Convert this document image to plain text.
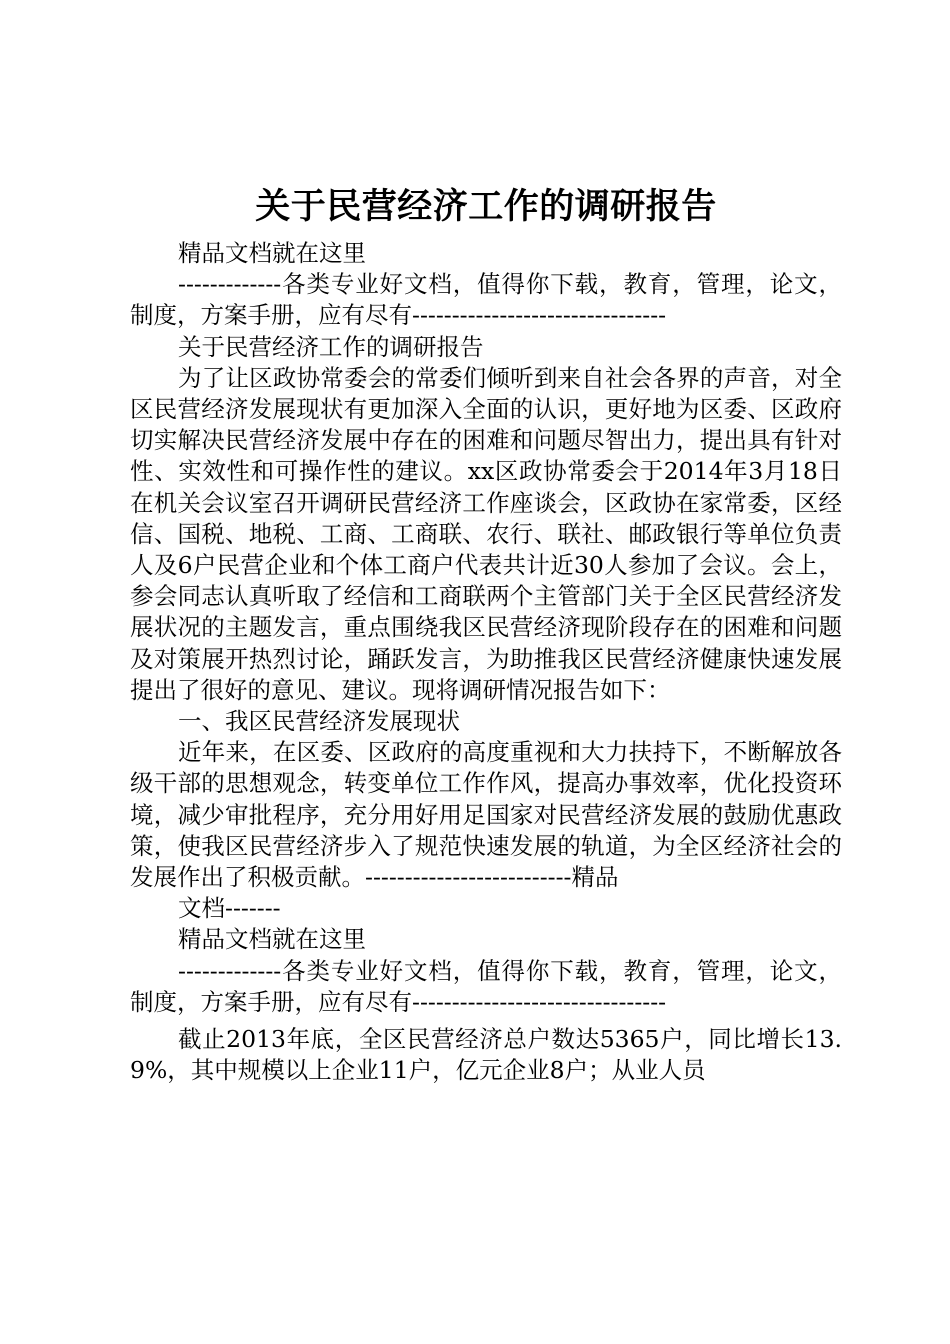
关于民营经济工作的调研报告

精品文档就在这里

-------------各类专业好文档，值得你下载，教育，管理，论文，制度，方案手册，应有尽有--------------------------------

关于民营经济工作的调研报告

为了让区政协常委会的常委们倾听到来自社会各界的声音，对全区民营经济发展现状有更加深入全面的认识，更好地为区委、区政府切实解决民营经济发展中存在的困难和问题尽智出力，提出具有针对性、实效性和可操作性的建议。xx区政协常委会于2014年3月18日在机关会议室召开调研民营经济工作座谈会，区政协在家常委，区经信、国税、地税、工商、工商联、农行、联社、邮政银行等单位负责人及6户民营企业和个体工商户代表共计近30人参加了会议。会上，参会同志认真听取了经信和工商联两个主管部门关于全区民营经济发展状况的主题发言，重点围绕我区民营经济现阶段存在的困难和问题及对策展开热烈讨论，踊跃发言，为助推我区民营经济健康快速发展提出了很好的意见、建议。现将调研情况报告如下：

一、我区民营经济发展现状

近年来，在区委、区政府的高度重视和大力扶持下，不断解放各级干部的思想观念，转变单位工作作风，提高办事效率，优化投资环境，减少审批程序，充分用好用足国家对民营经济发展的鼓励优惠政策，使我区民营经济步入了规范快速发展的轨道，为全区经济社会的发展作出了积极贡献。--------------------------精品

文档-------

精品文档就在这里

-------------各类专业好文档，值得你下载，教育，管理，论文，制度，方案手册，应有尽有--------------------------------

截止2013年底，全区民营经济总户数达5365户，同比增长13.9%，其中规模以上企业11户，亿元企业8户；从业人员
